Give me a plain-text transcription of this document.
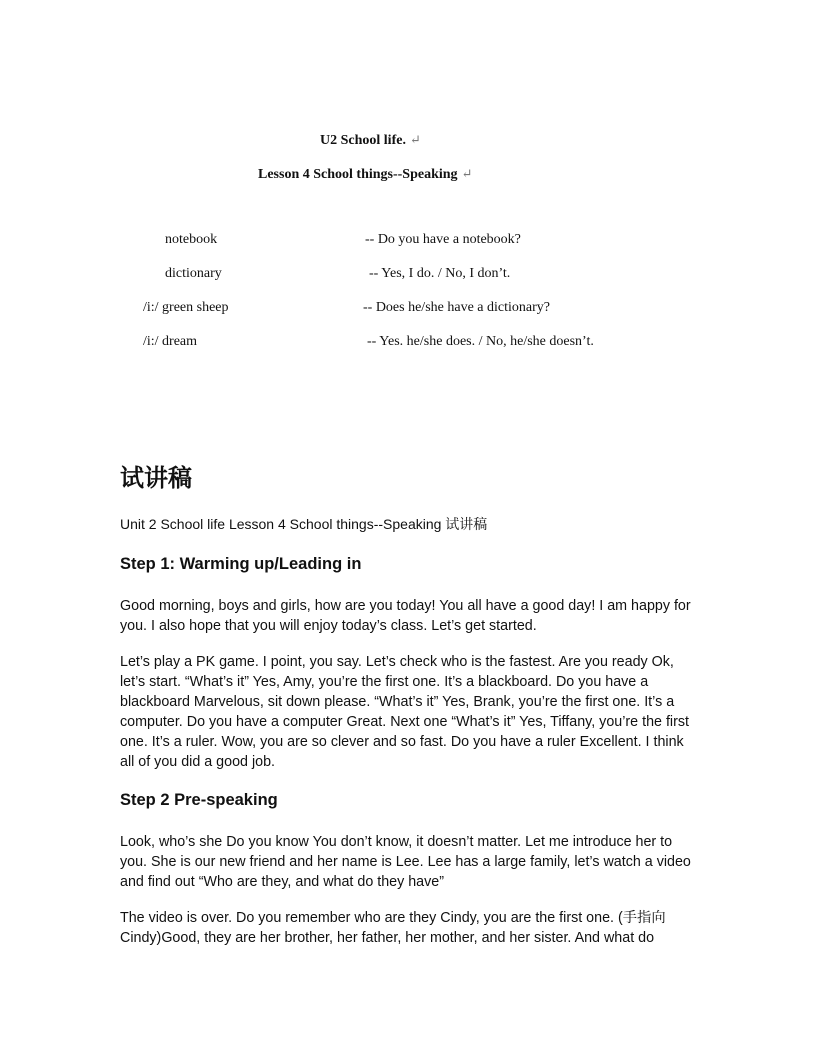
U2 School life. ↵
Lesson 4 School things--Speaking ↵
notebook	-- Do you have a notebook?
dictionary	-- Yes, I do. / No, I don’t.
/i:/ green sheep	-- Does he/she have a dictionary?
/i:/ dream	-- Yes. he/she does. / No, he/she doesn’t.
试讲稿
Unit 2 School life Lesson 4 School things--Speaking 试讲稿
Step 1: Warming up/Leading in

Good morning, boys and girls, how are you today! You all have a good day! I am happy for you. I also hope that you will enjoy today’s class. Let’s get started.

Let’s play a PK game. I point, you say. Let’s check who is the fastest. Are you ready Ok, let’s start. “What’s it” Yes, Amy, you’re the first one. It’s a blackboard. Do you have a blackboard Marvelous, sit down please. “What’s it” Yes, Brank, you’re the first one. It’s a computer. Do you have a computer Great. Next one “What’s it” Yes, Tiffany, you’re the first one. It’s a ruler. Wow, you are so clever and so fast. Do you have a ruler Excellent. I think all of you did a good job.

Step 2 Pre-speaking

Look, who’s she Do you know You don’t know, it doesn’t matter. Let me introduce her to you. She is our new friend and her name is Lee. Lee has a large family, let’s watch a video and find out “Who are they, and what do they have”

The video is over. Do you remember who are they Cindy, you are the first one. (手指向 Cindy)Good, they are her brother, her father, her mother, and her sister. And what do
